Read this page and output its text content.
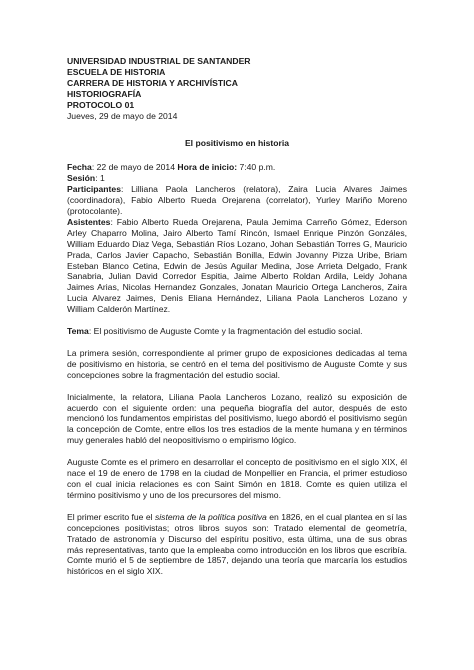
UNIVERSIDAD INDUSTRIAL DE SANTANDER

ESCUELA DE HISTORIA

CARRERA DE HISTORIA Y ARCHIVÍSTICA

HISTORIOGRAFÍA

PROTOCOLO 01

Jueves, 29 de mayo de 2014

El positivismo en historia

Fecha: 22 de mayo de 2014 Hora de inicio: 7:40 p.m.

Sesión: 1

Participantes: Lilliana Paola Lancheros (relatora), Zaira Lucia Alvares Jaimes (coordinadora), Fabio Alberto Rueda Orejarena (correlator), Yurley Mariño Moreno (protocolante).

Asistentes: Fabio Alberto Rueda Orejarena, Paula Jemima Carreño Gómez, Ederson Arley Chaparro Molina, Jairo Alberto Tamí Rincón, Ismael Enrique Pinzón Gonzáles, William Eduardo Diaz Vega, Sebastián Ríos Lozano, Johan Sebastián Torres G, Mauricio Prada, Carlos Javier Capacho, Sebastián Bonilla, Edwin Jovanny Pizza Uribe, Briam Esteban Blanco Cetina, Edwin de Jesús Aguilar Medina, Jose Arrieta Delgado, Frank Sanabria, Julian David Corredor Espitia, Jaime Alberto Roldan Ardila, Leidy Johana Jaimes Arias, Nicolas Hernandez Gonzales, Jonatan Mauricio Ortega Lancheros, Zaira Lucia Alvarez Jaimes, Denis Eliana Hernández, Liliana Paola Lancheros Lozano y William Calderón Martínez.

Tema: El positivismo de Auguste Comte y la fragmentación del estudio social.

La primera sesión, correspondiente al primer grupo de exposiciones dedicadas al tema de positivismo en historia, se centró en el tema del positivismo de Auguste Comte y sus concepciones sobre la fragmentación del estudio social.

Inicialmente, la relatora, Liliana Paola Lancheros Lozano, realizó su exposición de acuerdo con el siguiente orden: una pequeña biografía del autor, después de esto mencionó los fundamentos empiristas del positivismo, luego abordó el positivismo según la concepción de Comte, entre ellos los tres estadios de la mente humana y en términos muy generales habló del neopositivismo o empirismo lógico.

Auguste Comte es el primero en desarrollar el concepto de positivismo en el siglo XIX, él nace el 19 de enero de 1798 en la ciudad de Monpellier en Francia, el primer estudioso con el cual inicia relaciones es con Saint Simón en 1818. Comte es quien utiliza el término positivismo y uno de los precursores del mismo.

El primer escrito fue el sistema de la política positiva en 1826, en el cual plantea en sí las concepciones positivistas; otros libros suyos son: Tratado elemental de geometría, Tratado de astronomía y Discurso del espíritu positivo, esta última, una de sus obras más representativas, tanto que la empleaba como introducción en los libros que escribía. Comte murió el 5 de septiembre de 1857, dejando una teoría que marcaría los estudios históricos en el siglo XIX.
